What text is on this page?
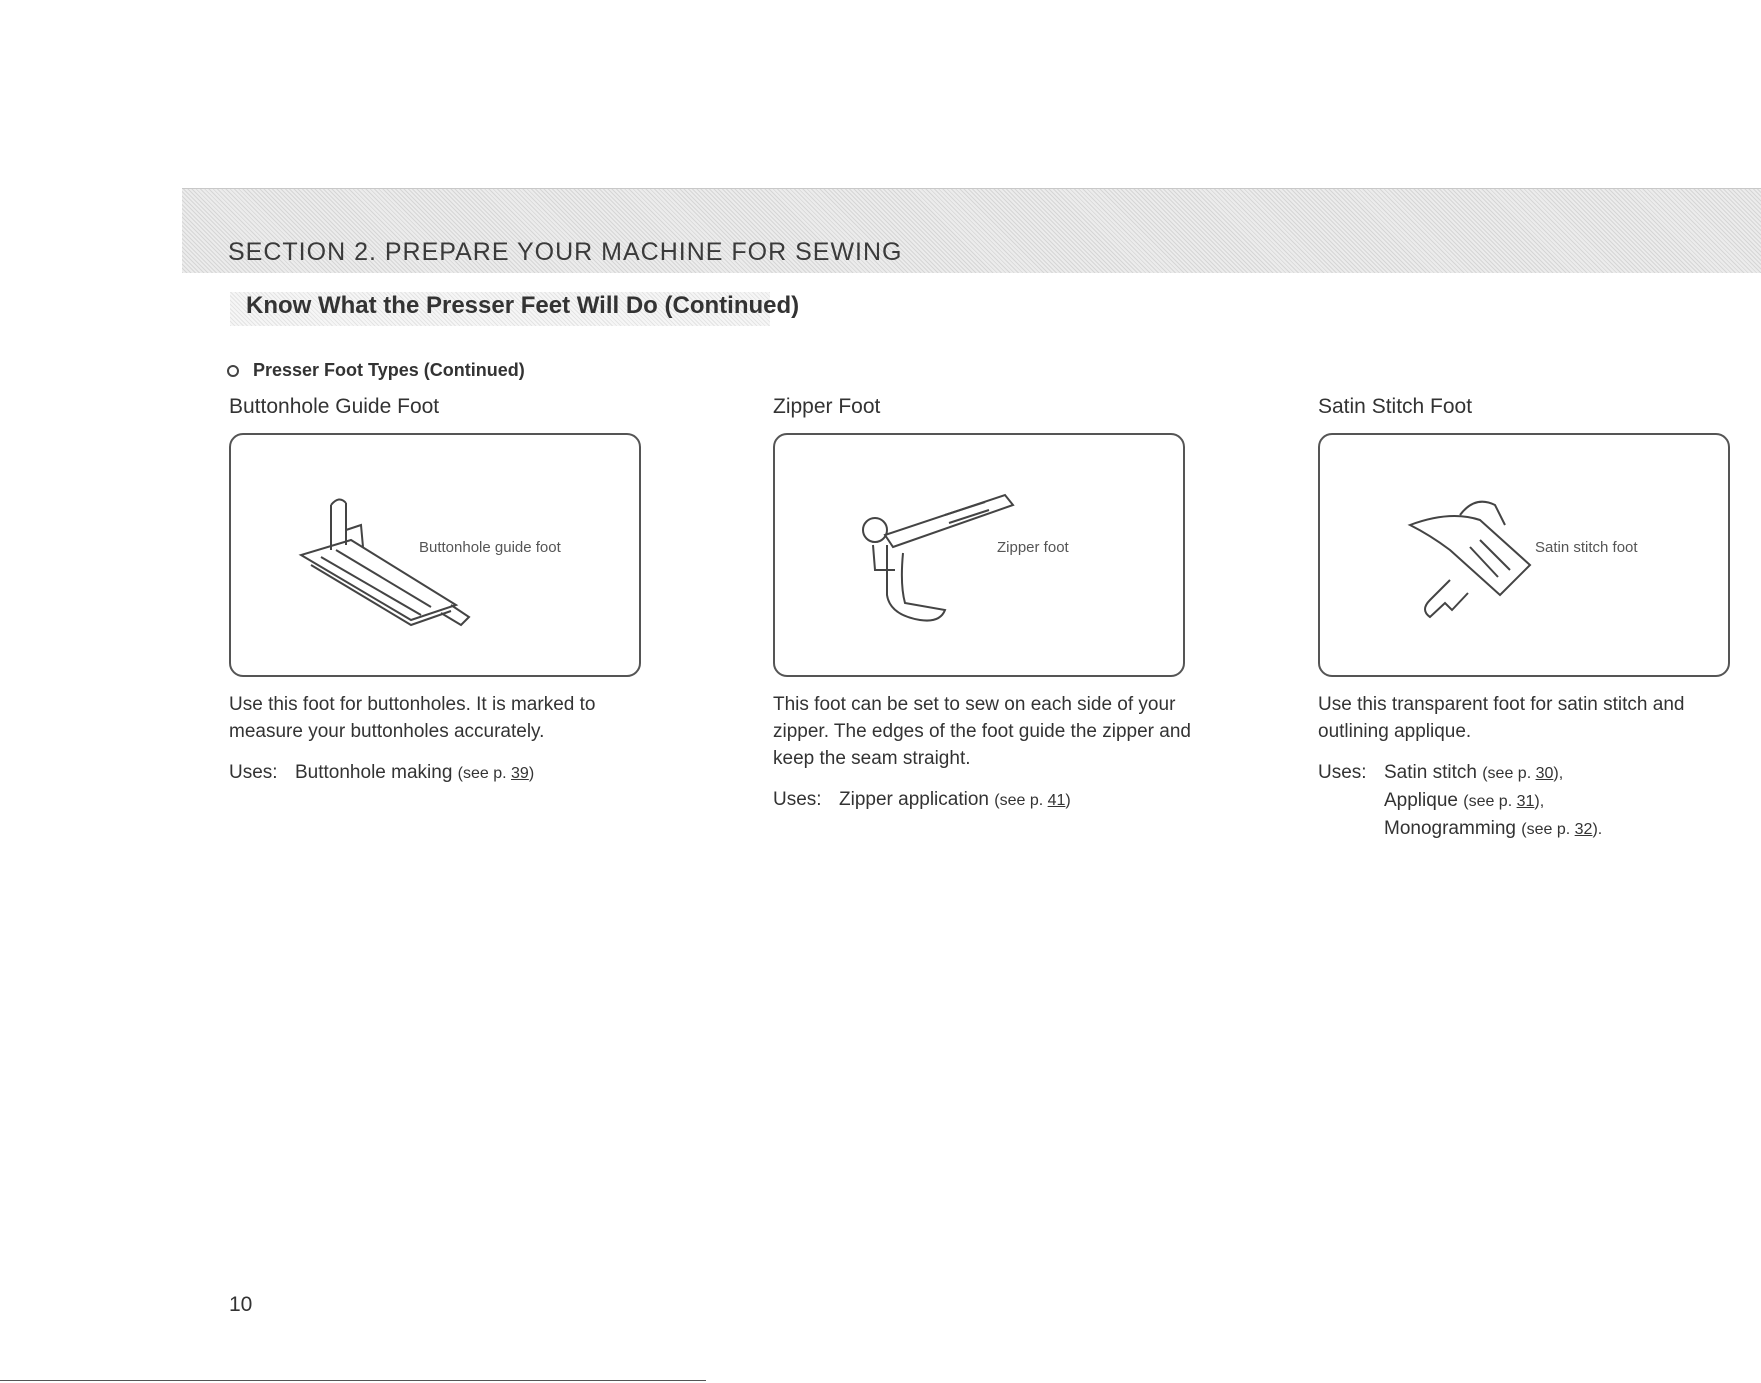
SECTION 2. PREPARE YOUR MACHINE FOR SEWING
Know What the Presser Feet Will Do (Continued)
Presser Foot Types (Continued)
Buttonhole Guide Foot
Buttonhole guide foot
Use this foot for buttonholes. It is marked to measure your buttonholes accurately.
Uses: Buttonhole making (see p. 39)
Zipper Foot
Zipper foot
This foot can be set to sew on each side of your zipper. The edges of the foot guide the zipper and keep the seam straight.
Uses: Zipper application (see p. 41)
Satin Stitch Foot
Satin stitch foot
Use this transparent foot for satin stitch and outlining applique.
Uses: Satin stitch (see p. 30),
Applique (see p. 31),
Monogramming (see p. 32).
10
